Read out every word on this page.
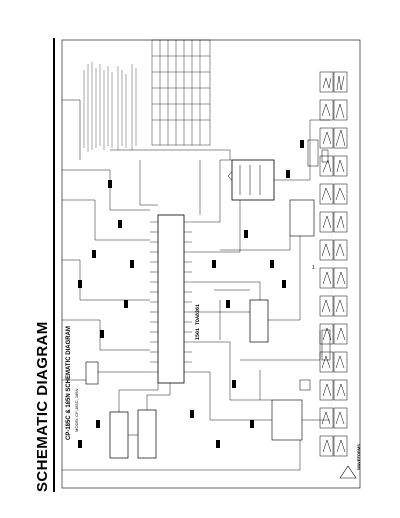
SCHEMATIC DIAGRAM	CP-185C & 185N SCHEMATIC DIAGRAM MODEL CP-185C, 185N
I501 TDA8361
WAVEFORMS
1
